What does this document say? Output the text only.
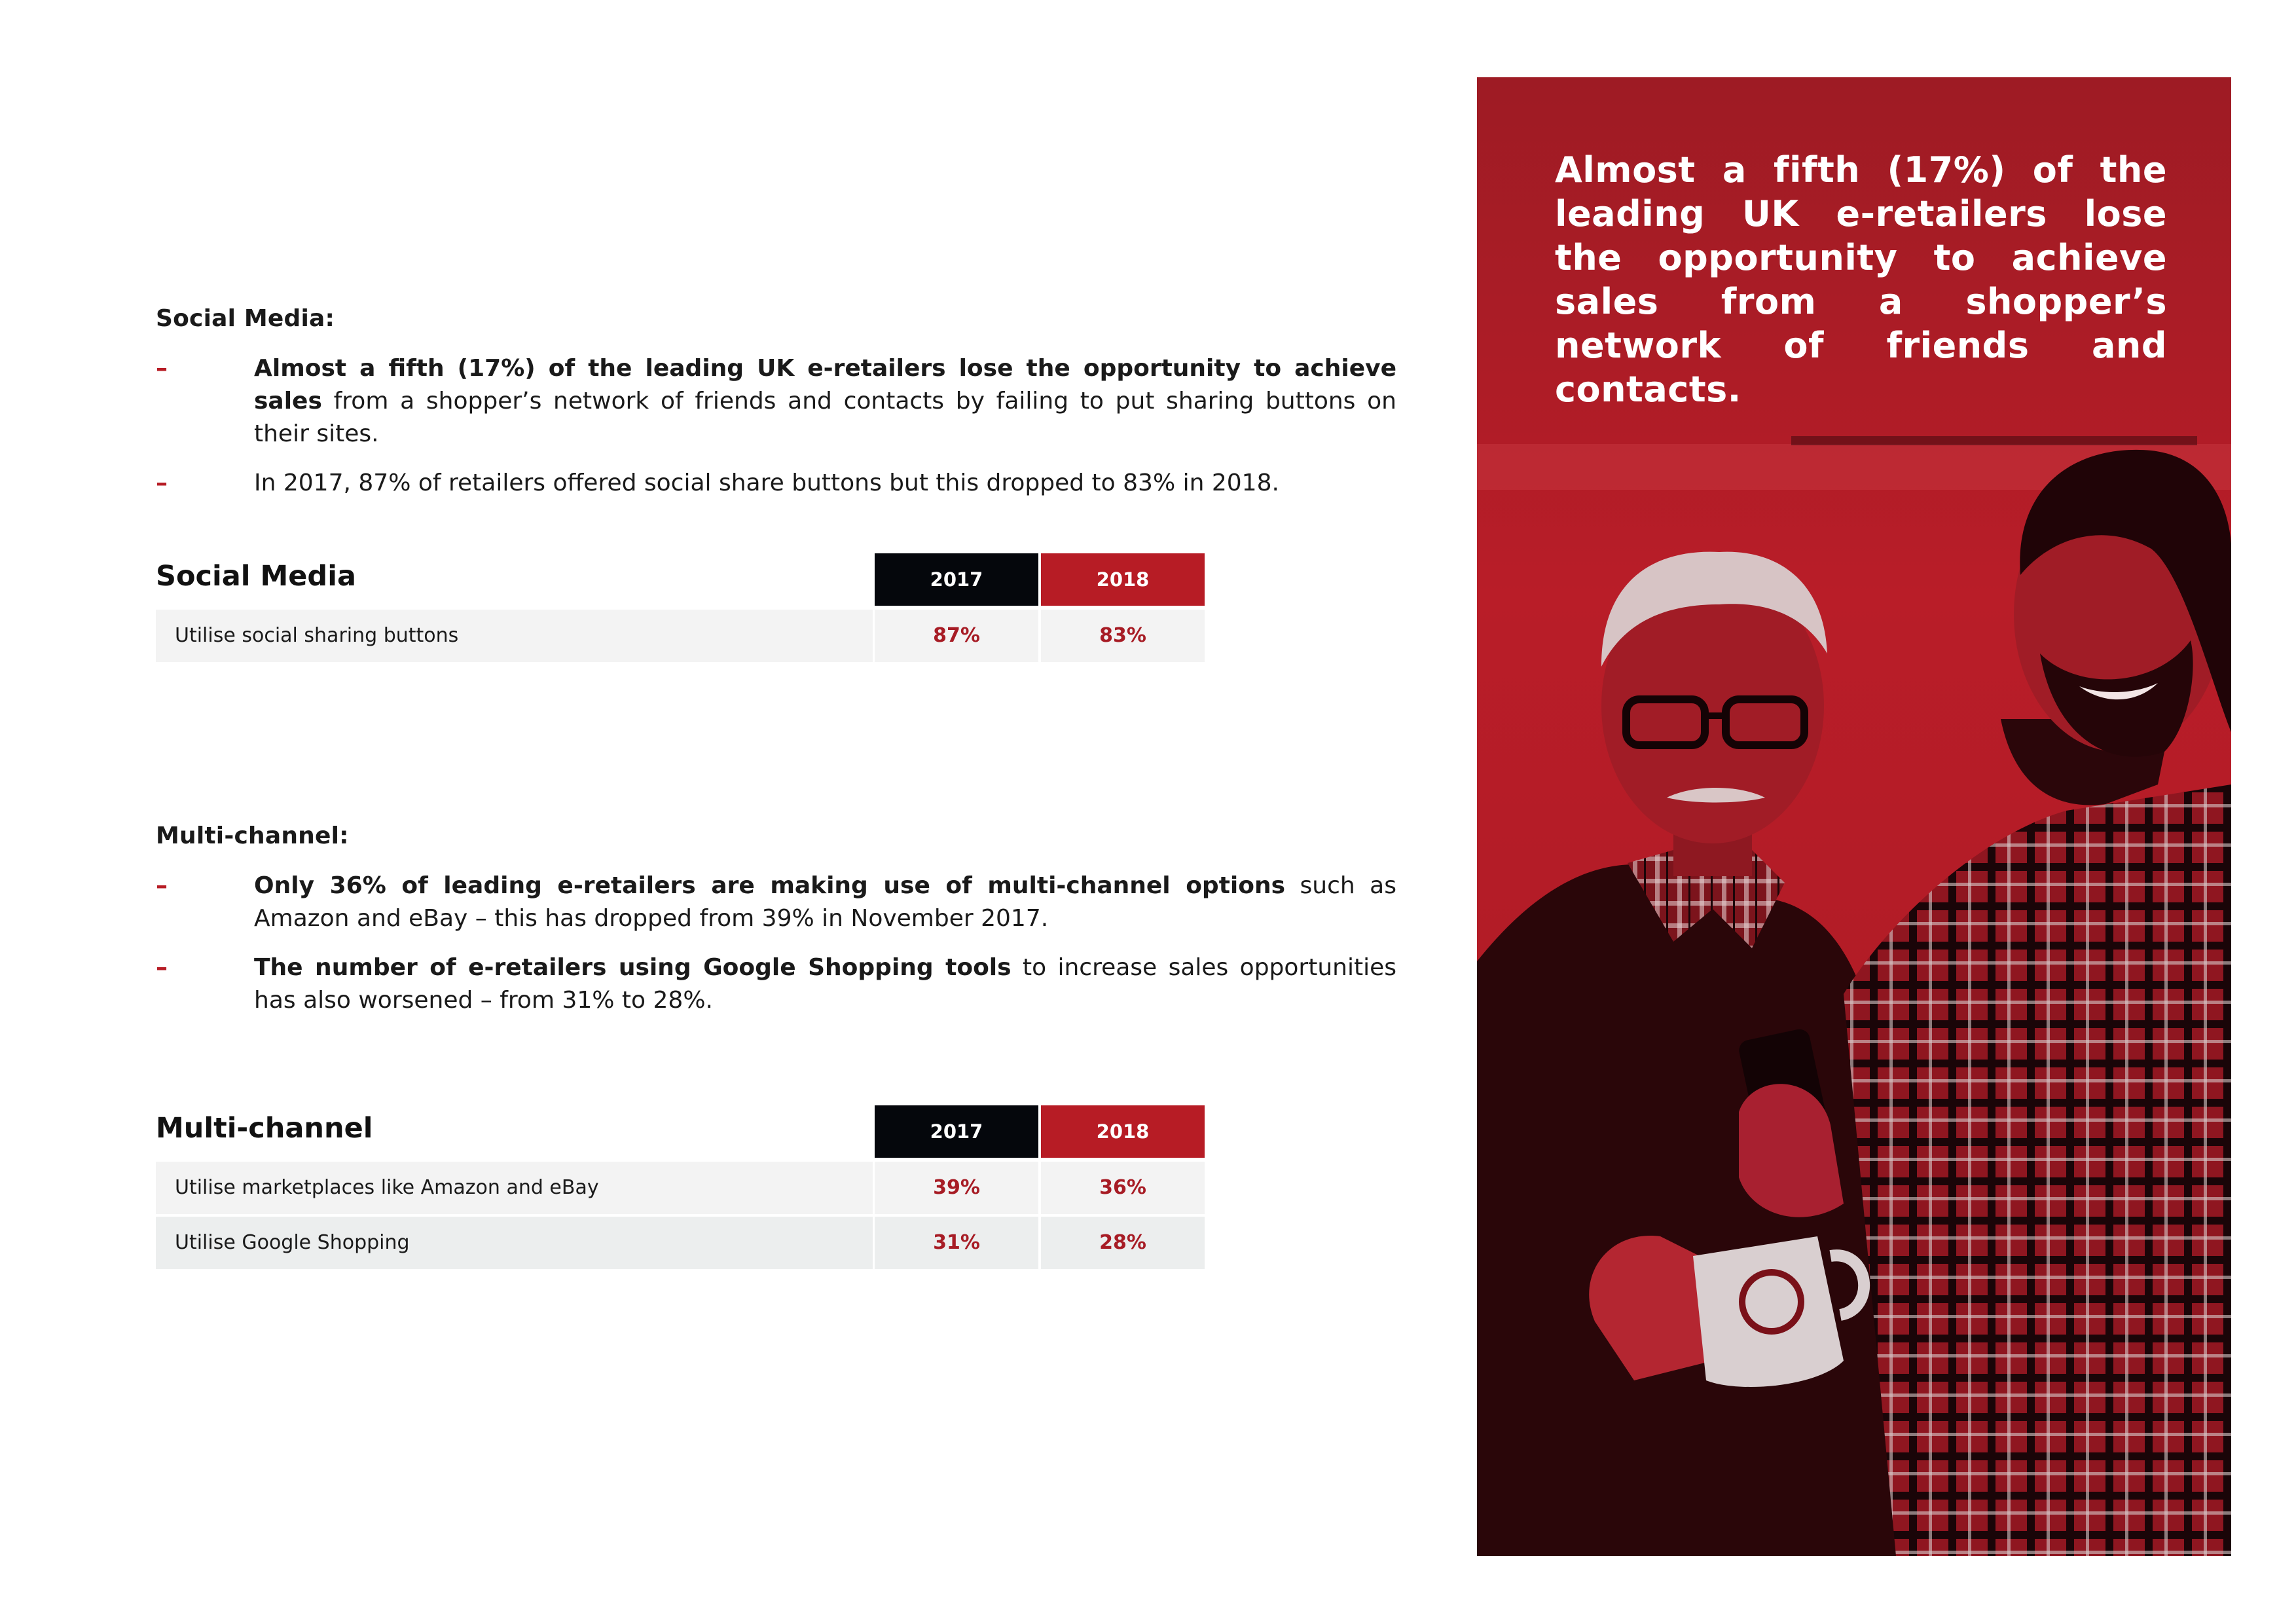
Social Media:
–	Almost a fifth (17%) of the leading UK e-retailers lose the opportunity to achieve sales from a shopper’s network of friends and contacts by failing to put sharing buttons on their sites.
–	In 2017, 87% of retailers offered social share buttons but this dropped to 83% in 2018.
Social Media	2017	2018
Utilise social sharing buttons	87%	83%
Multi-channel:
–	Only 36% of leading e-retailers are making use of multi-channel options such as Amazon and eBay – this has dropped from 39% in November 2017.
–	The number of e-retailers using Google Shopping tools to increase sales opportunities has also worsened – from 31% to 28%.
Multi-channel	2017	2018
Utilise marketplaces like Amazon and eBay	39%	36%
Utilise Google Shopping	31%	28%

Almost a fifth (17%) of the leading UK e-retailers lose the opportunity to achieve sales from a shopper’s network of friends and contacts.
